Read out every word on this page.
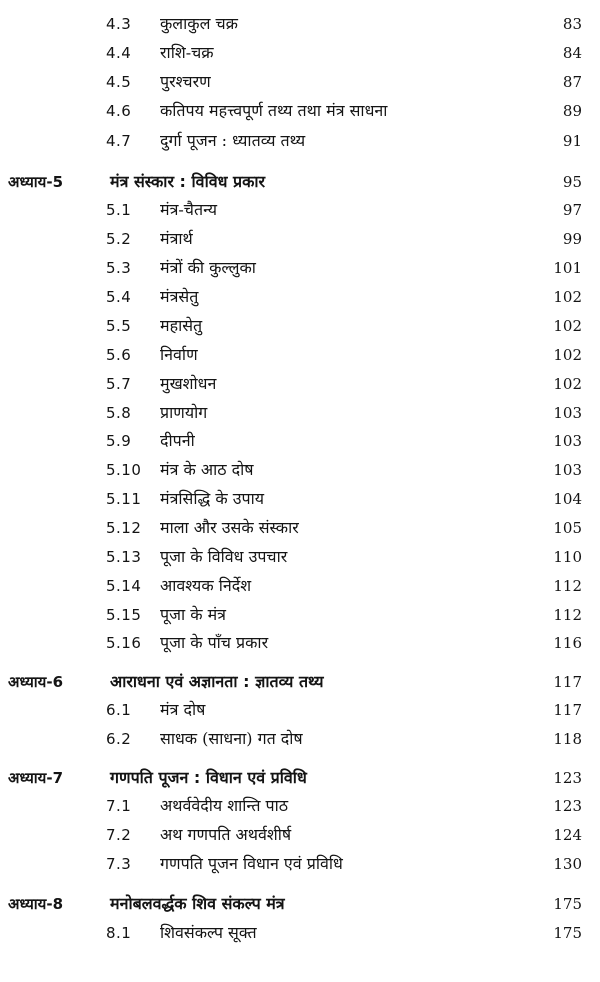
4.3 कुलाकुल चक्र	83
4.4 राशि-चक्र	84
4.5 पुरश्चरण	87
4.6 कतिपय महत्त्वपूर्ण तथ्य तथा मंत्र साधना	89
4.7 दुर्गा पूजन : ध्यातव्य तथ्य	91
अध्याय-5	मंत्र संस्कार : विविध प्रकार	95
5.1 मंत्र-चैतन्य	97
5.2 मंत्रार्थ	99
5.3 मंत्रों की कुल्लुका	101
5.4 मंत्रसेतु	102
5.5 महासेतु	102
5.6 निर्वाण	102
5.7 मुखशोधन	102
5.8 प्राणयोग	103
5.9 दीपनी	103
5.10 मंत्र के आठ दोष	103
5.11 मंत्रसिद्धि के उपाय	104
5.12 माला और उसके संस्कार	105
5.13 पूजा के विविध उपचार	110
5.14 आवश्यक निर्देश	112
5.15 पूजा के मंत्र	112
5.16 पूजा के पाँच प्रकार	116
अध्याय-6	आराधना एवं अज्ञानता : ज्ञातव्य तथ्य	117
6.1 मंत्र दोष	117
6.2 साधक (साधना) गत दोष	118
अध्याय-7	गणपति पूजन : विधान एवं प्रविधि	123
7.1 अथर्ववेदीय शान्ति पाठ	123
7.2 अथ गणपति अथर्वशीर्ष	124
7.3 गणपति पूजन विधान एवं प्रविधि	130
अध्याय-8	मनोबलवर्द्धक शिव संकल्प मंत्र	175
8.1 शिवसंकल्प सूक्त	175
